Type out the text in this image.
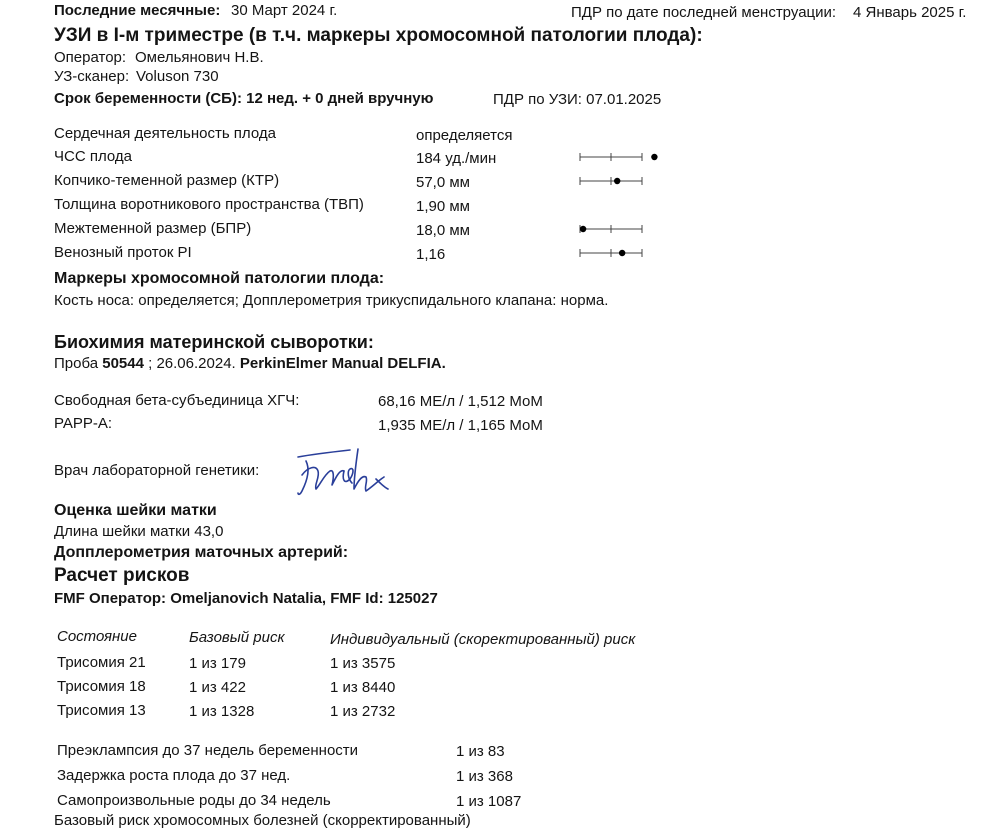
Последние месячные: 30 Март 2024 г.	ПДР по дате последней менструации: 4 Январь 2025 г.
УЗИ в I-м триместре (в т.ч. маркеры хромосомной патологии плода):
Оператор: Омельянович Н.В.
УЗ-сканер: Voluson 730
Срок беременности (СБ): 12 нед. + 0 дней вручную	ПДР по УЗИ: 07.01.2025
Сердечная деятельность плода	определяется
ЧСС плода	184 уд./мин
Копчико-теменной размер (КТР)	57,0 мм
Толщина воротникового пространства (ТВП)	1,90 мм
Межтеменной размер (БПР)	18,0 мм
Венозный проток PI	1,16
Маркеры хромосомной патологии плода:
Кость носа: определяется; Допплерометрия трикуспидального клапана: норма.
Биохимия материнской сыворотки:
Проба 50544 ; 26.06.2024. PerkinElmer Manual DELFIA.
Свободная бета-субъединица ХГЧ:	68,16 МЕ/л / 1,512 МоМ
PAPP-A:	1,935 МЕ/л / 1,165 МоМ
Врач лабораторной генетики:
Оценка шейки матки
Длина шейки матки 43,0
Допплерометрия маточных артерий:
Расчет рисков
FMF Оператор: Omeljanovich Natalia, FMF Id: 125027
Состояние	Базовый риск	Индивидуальный (скоректированный) риск
Трисомия 21	1 из 179	1 из 3575
Трисомия 18	1 из 422	1 из 8440
Трисомия 13	1 из 1328	1 из 2732
Преэклампсия до 37 недель беременности	1 из 83
Задержка роста плода до 37 нед.	1 из 368
Самопроизвольные роды до 34 недель	1 из 1087
Базовый риск хромосомных болезней (скорректированный)
